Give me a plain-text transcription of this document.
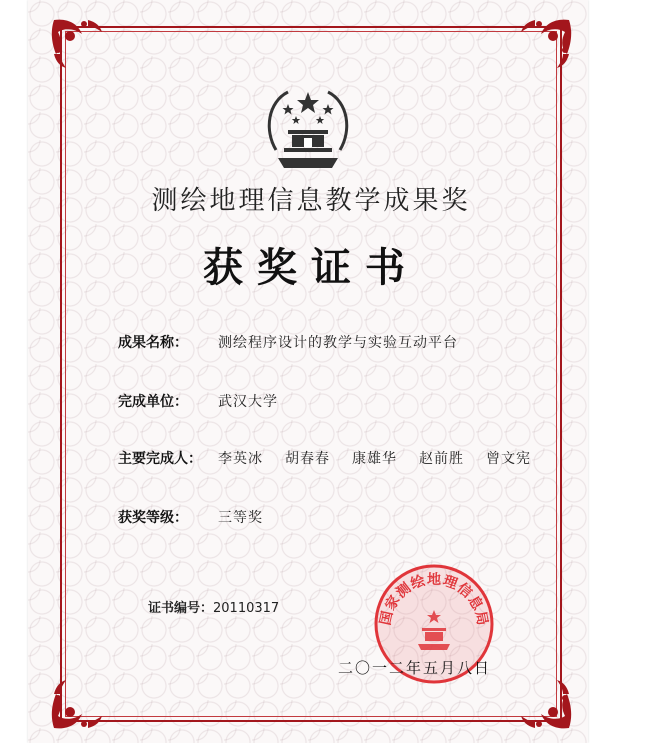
测绘地理信息教学成果奖
获奖证书
成果名称：	测绘程序设计的教学与实验互动平台
完成单位：	武汉大学
主要完成人：	李英冰 胡春春 康雄华 赵前胜 曾文宪
获奖等级：	三等奖
证书编号：20110317
国家测绘地理信息局
二〇一二年五月八日
